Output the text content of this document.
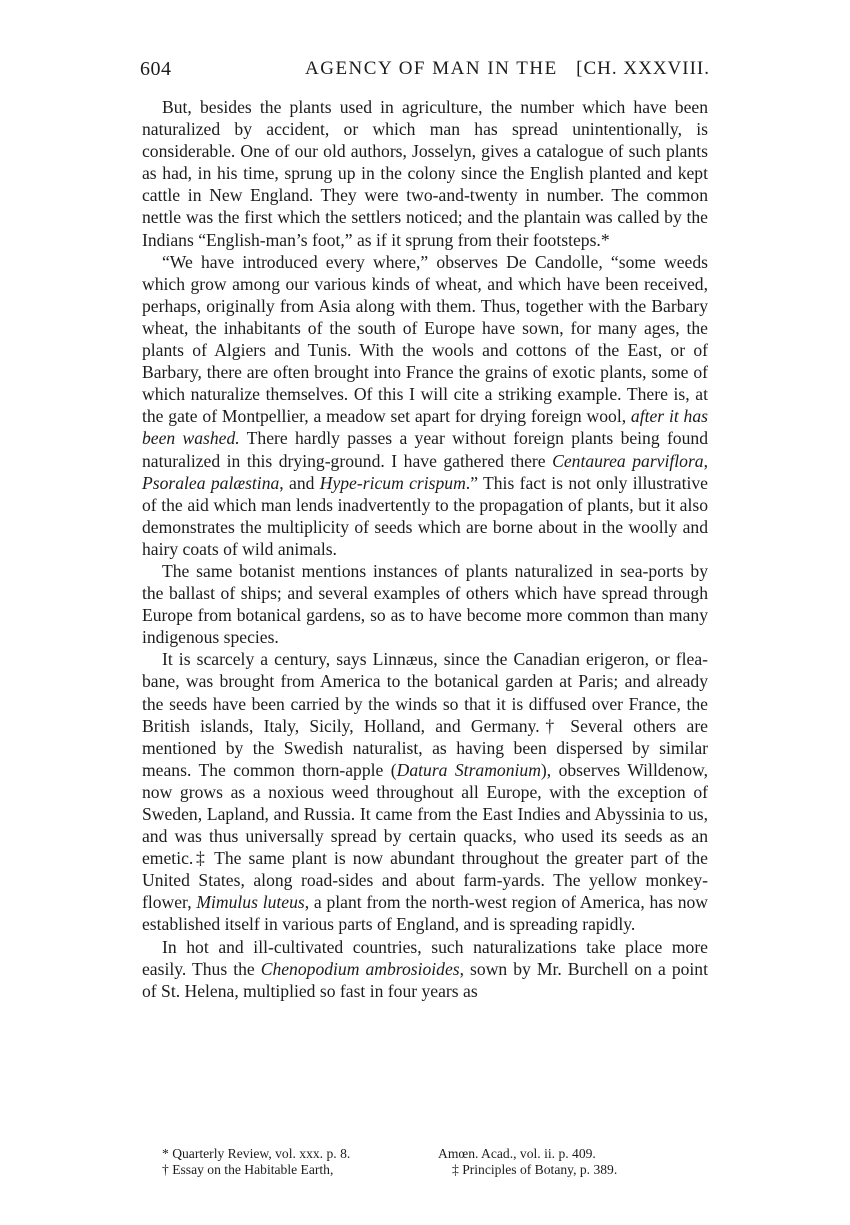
604	AGENCY OF MAN IN THE [CH. XXXVIII.

But, besides the plants used in agriculture, the number which have been naturalized by accident, or which man has spread unintentionally, is considerable. One of our old authors, Josselyn, gives a catalogue of such plants as had, in his time, sprung up in the colony since the English planted and kept cattle in New England. They were two-and-twenty in number. The common nettle was the first which the settlers noticed; and the plantain was called by the Indians “English-man’s foot,” as if it sprung from their footsteps.*

“We have introduced every where,” observes De Candolle, “some weeds which grow among our various kinds of wheat, and which have been received, perhaps, originally from Asia along with them. Thus, together with the Barbary wheat, the inhabitants of the south of Europe have sown, for many ages, the plants of Algiers and Tunis. With the wools and cottons of the East, or of Barbary, there are often brought into France the grains of exotic plants, some of which naturalize themselves. Of this I will cite a striking example. There is, at the gate of Montpellier, a meadow set apart for drying foreign wool, after it has been washed. There hardly passes a year without foreign plants being found naturalized in this drying-ground. I have gathered there Centaurea parviflora, Psoralea palæstina, and Hype-ricum crispum.” This fact is not only illustrative of the aid which man lends inadvertently to the propagation of plants, but it also demonstrates the multiplicity of seeds which are borne about in the woolly and hairy coats of wild animals.

The same botanist mentions instances of plants naturalized in sea-ports by the ballast of ships; and several examples of others which have spread through Europe from botanical gardens, so as to have become more common than many indigenous species.

It is scarcely a century, says Linnæus, since the Canadian erigeron, or flea-bane, was brought from America to the botanical garden at Paris; and already the seeds have been carried by the winds so that it is diffused over France, the British islands, Italy, Sicily, Holland, and Germany.† Several others are mentioned by the Swedish naturalist, as having been dispersed by similar means. The common thorn-apple (Datura Stramonium), observes Willdenow, now grows as a noxious weed throughout all Europe, with the exception of Sweden, Lapland, and Russia. It came from the East Indies and Abyssinia to us, and was thus universally spread by certain quacks, who used its seeds as an emetic.‡ The same plant is now abundant throughout the greater part of the United States, along road-sides and about farm-yards. The yellow monkey-flower, Mimulus luteus, a plant from the north-west region of America, has now established itself in various parts of England, and is spreading rapidly.

In hot and ill-cultivated countries, such naturalizations take place more easily. Thus the Chenopodium ambrosioides, sown by Mr. Burchell on a point of St. Helena, multiplied so fast in four years as

* Quarterly Review, vol. xxx. p. 8.	Amœn. Acad., vol. ii. p. 409.
† Essay on the Habitable Earth,	‡ Principles of Botany, p. 389.
